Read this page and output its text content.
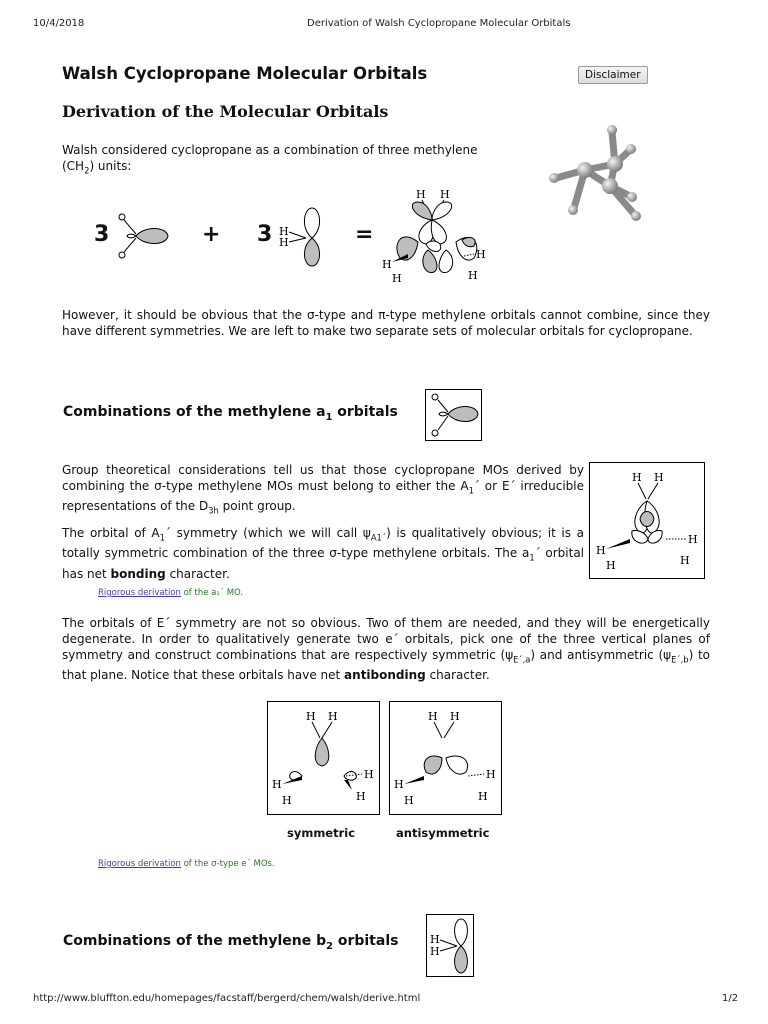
10/4/2018	Derivation of Walsh Cyclopropane Molecular Orbitals
Walsh Cyclopropane Molecular Orbitals	Disclaimer
Derivation of the Molecular Orbitals
Walsh considered cyclopropane as a combination of three methylene
$(CH_2)$ units:
3	+ 3 H
H	=
H H
H
H
H
H
However, it should be obvious that the σ-type and π-type methylene orbitals cannot combine, since they have different symmetries. We are left to make two separate sets of molecular orbitals for cyclopropane.
Combinations of the methylene $a_1$ orbitals
Group theoretical considerations tell us that those cyclopropane MOs derived by combining the σ-type methylene MOs must belong to either the $A_1´$ or E´ irreducible representations of the $D_{3h}$ point group.
The orbital of $A_1´$ symmetry (which we will call $\psi_{A1´}$) is qualitatively obvious; it is a totally symmetric combination of the three σ-type methylene orbitals. The $a_1´$ orbital has net bonding character.
H H
H
H
H
H
Rigorous derivation of the a₁´ MO.
The orbitals of E´ symmetry are not so obvious. Two of them are needed, and they will be energetically degenerate. In order to qualitatively generate two e´ orbitals, pick one of the three vertical planes of symmetry and construct combinations that are respectively symmetric $(\psi_{E´,a})$ and antisymmetric $(\psi_{E´,b})$ to that plane. Notice that these orbitals have net antibonding character.
H H
H
H
H
H
symmetric
H H
H
H
H
H
antisymmetric
Rigorous derivation of the σ-type e´ MOs.
Combinations of the methylene $b_2$ orbitals	H
H
http://www.bluffton.edu/homepages/facstaff/bergerd/chem/walsh/derive.html	1/2
